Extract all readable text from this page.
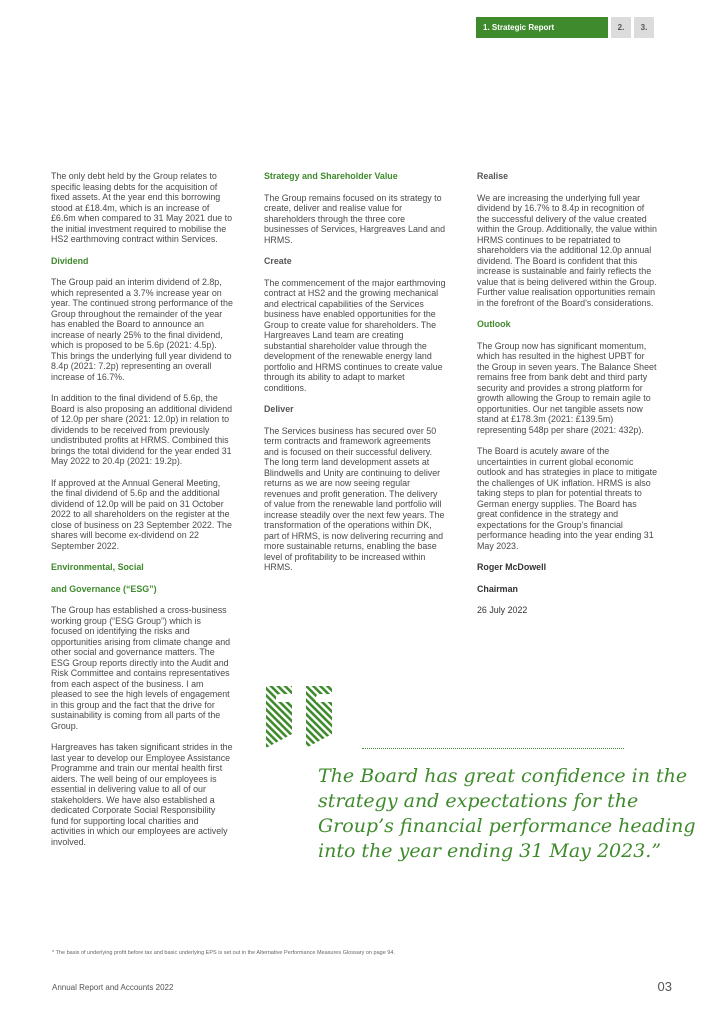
1. Strategic Report	2.	3.

The only debt held by the Group relates to specific leasing debts for the acquisition of fixed assets. At the year end this borrowing stood at £18.4m, which is an increase of £6.6m when compared to 31 May 2021 due to the initial investment required to mobilise the HS2 earthmoving contract within Services.

Dividend

The Group paid an interim dividend of 2.8p, which represented a 3.7% increase year on year. The continued strong performance of the Group throughout the remainder of the year has enabled the Board to announce an increase of nearly 25% to the final dividend, which is proposed to be 5.6p (2021: 4.5p). This brings the underlying full year dividend to 8.4p (2021: 7.2p) representing an overall increase of 16.7%.

In addition to the final dividend of 5.6p, the Board is also proposing an additional dividend of 12.0p per share (2021: 12.0p) in relation to dividends to be received from previously undistributed profits at HRMS. Combined this brings the total dividend for the year ended 31 May 2022 to 20.4p (2021: 19.2p).

If approved at the Annual General Meeting, the final dividend of 5.6p and the additional dividend of 12.0p will be paid on 31 October 2022 to all shareholders on the register at the close of business on 23 September 2022. The shares will become ex-dividend on 22 September 2022.

Environmental, Social

and Governance (“ESG”)

The Group has established a cross-business working group (“ESG Group”) which is focused on identifying the risks and opportunities arising from climate change and other social and governance matters. The ESG Group reports directly into the Audit and Risk Committee and contains representatives from each aspect of the business. I am pleased to see the high levels of engagement in this group and the fact that the drive for sustainability is coming from all parts of the Group.

Hargreaves has taken significant strides in the last year to develop our Employee Assistance Programme and train our mental health first aiders. The well being of our employees is essential in delivering value to all of our stakeholders. We have also established a dedicated Corporate Social Responsibility fund for supporting local charities and activities in which our employees are actively involved.

Strategy and Shareholder Value

The Group remains focused on its strategy to create, deliver and realise value for shareholders through the three core businesses of Services, Hargreaves Land and HRMS.

Create

The commencement of the major earthmoving contract at HS2 and the growing mechanical and electrical capabilities of the Services business have enabled opportunities for the Group to create value for shareholders. The Hargreaves Land team are creating substantial shareholder value through the development of the renewable energy land portfolio and HRMS continues to create value through its ability to adapt to market conditions.

Deliver

The Services business has secured over 50 term contracts and framework agreements and is focused on their successful delivery. The long term land development assets at Blindwells and Unity are continuing to deliver returns as we are now seeing regular revenues and profit generation. The delivery of value from the renewable land portfolio will increase steadily over the next few years. The transformation of the operations within DK, part of HRMS, is now delivering recurring and more sustainable returns, enabling the base level of profitability to be increased within HRMS.

Realise

We are increasing the underlying full year dividend by 16.7% to 8.4p in recognition of the successful delivery of the value created within the Group. Additionally, the value within HRMS continues to be repatriated to shareholders via the additional 12.0p annual dividend. The Board is confident that this increase is sustainable and fairly reflects the value that is being delivered within the Group. Further value realisation opportunities remain in the forefront of the Board’s considerations.

Outlook

The Group now has significant momentum, which has resulted in the highest UPBT for the Group in seven years. The Balance Sheet remains free from bank debt and third party security and provides a strong platform for growth allowing the Group to remain agile to opportunities. Our net tangible assets now stand at £178.3m (2021: £139.5m) representing 548p per share (2021: 432p).

The Board is acutely aware of the uncertainties in current global economic outlook and has strategies in place to mitigate the challenges of UK inflation. HRMS is also taking steps to plan for potential threats to German energy supplies. The Board has great confidence in the strategy and expectations for the Group’s financial performance heading into the year ending 31 May 2023.

Roger McDowell

Chairman

26 July 2022

The Board has great confidence in the strategy and expectations for the Group’s financial performance heading into the year ending 31 May 2023.”

* The basis of underlying profit before tax and basic underlying EPS is set out in the Alternative Performance Measures Glossary on page 94.
Annual Report and Accounts 2022	03
